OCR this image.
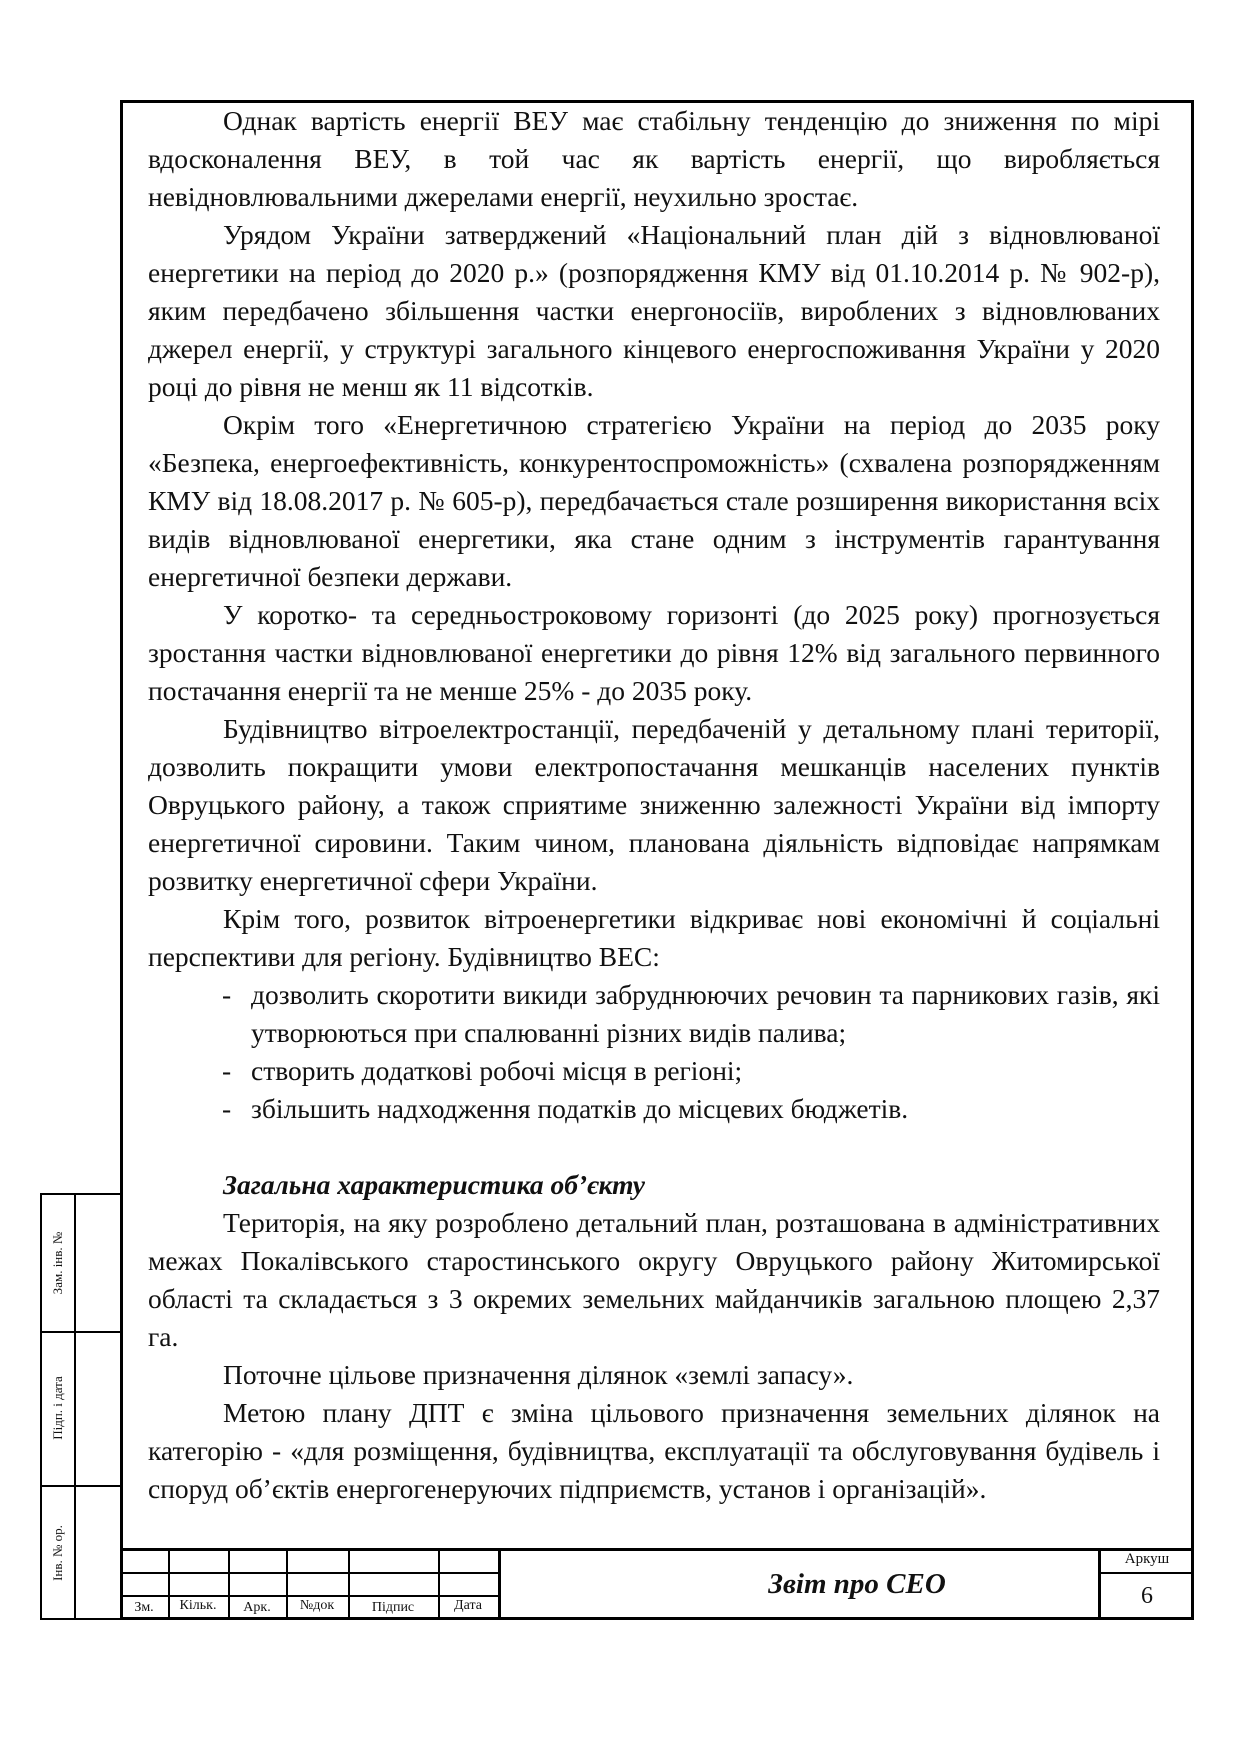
Однак вартість енергії ВЕУ має стабільну тенденцію до зниження по мірі вдосконалення ВЕУ, в той час як вартість енергії, що виробляється невідновлювальними джерелами енергії, неухильно зростає.

Урядом України затверджений «Національний план дій з відновлюваної енергетики на період до 2020 р.» (розпорядження КМУ від 01.10.2014 р. № 902-р), яким передбачено збільшення частки енергоносіїв, вироблених з відновлюваних джерел енергії, у структурі загального кінцевого енергоспоживання України у 2020 році до рівня не менш як 11 відсотків.

Окрім того «Енергетичною стратегією України на період до 2035 року «Безпека, енергоефективність, конкурентоспроможність» (схвалена розпорядженням КМУ від 18.08.2017 р. № 605-р), передбачається стале розширення використання всіх видів відновлюваної енергетики, яка стане одним з інструментів гарантування енергетичної безпеки держави.

У коротко- та середньостроковому горизонті (до 2025 року) прогнозується зростання частки відновлюваної енергетики до рівня 12% від загального первинного постачання енергії та не менше 25% - до 2035 року.

Будівництво вітроелектростанції, передбаченій у детальному плані території, дозволить покращити умови електропостачання мешканців населених пунктів Овруцького району, а також сприятиме зниженню залежності України від імпорту енергетичної сировини. Таким чином, планована діяльність відповідає напрямкам розвитку енергетичної сфери України.

Крім того, розвиток вітроенергетики відкриває нові економічні й соціальні перспективи для регіону. Будівництво ВЕС:

- дозволить скоротити викиди забруднюючих речовин та парникових газів, які утворюються при спалюванні різних видів палива;
- створить додаткові робочі місця в регіоні;
- збільшить надходження податків до місцевих бюджетів.

Загальна характеристика об’єкту

Територія, на яку розроблено детальний план, розташована в адміністративних межах Покалівського старостинського округу Овруцького району Житомирської області та складається з 3 окремих земельних майданчиків загальною площею 2,37 га.

Поточне цільове призначення ділянок «землі запасу».

Метою плану ДПТ є зміна цільового призначення земельних ділянок на категорію - «для розміщення, будівництва, експлуатації та обслуговування будівель і споруд об’єктів енергогенеруючих підприємств, установ і організацій».

Зам. інв. №
Підп. і дата
Інв. № ор.
Зм.	Кільк.	Арк.	№док	Підпис	Дата
Звіт про СЕО
Аркуш
6
